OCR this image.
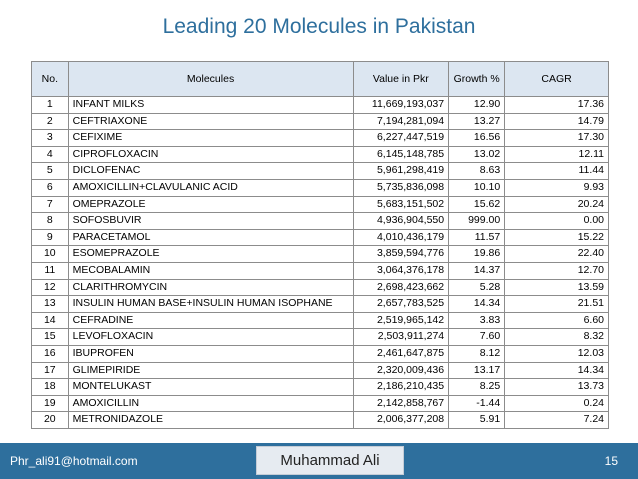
Leading 20 Molecules in Pakistan
No.	Molecules	Value in Pkr	Growth %	CAGR
1	INFANT MILKS	11,669,193,037	12.90	17.36
2	CEFTRIAXONE	7,194,281,094	13.27	14.79
3	CEFIXIME	6,227,447,519	16.56	17.30
4	CIPROFLOXACIN	6,145,148,785	13.02	12.11
5	DICLOFENAC	5,961,298,419	8.63	11.44
6	AMOXICILLIN+CLAVULANIC ACID	5,735,836,098	10.10	9.93
7	OMEPRAZOLE	5,683,151,502	15.62	20.24
8	SOFOSBUVIR	4,936,904,550	999.00	0.00
9	PARACETAMOL	4,010,436,179	11.57	15.22
10	ESOMEPRAZOLE	3,859,594,776	19.86	22.40
11	MECOBALAMIN	3,064,376,178	14.37	12.70
12	CLARITHROMYCIN	2,698,423,662	5.28	13.59
13	INSULIN HUMAN BASE+INSULIN HUMAN ISOPHANE	2,657,783,525	14.34	21.51
14	CEFRADINE	2,519,965,142	3.83	6.60
15	LEVOFLOXACIN	2,503,911,274	7.60	8.32
16	IBUPROFEN	2,461,647,875	8.12	12.03
17	GLIMEPIRIDE	2,320,009,436	13.17	14.34
18	MONTELUKAST	2,186,210,435	8.25	13.73
19	AMOXICILLIN	2,142,858,767	-1.44	0.24
20	METRONIDAZOLE	2,006,377,208	5.91	7.24
Phr_ali91@hotmail.com	Muhammad Ali	15
